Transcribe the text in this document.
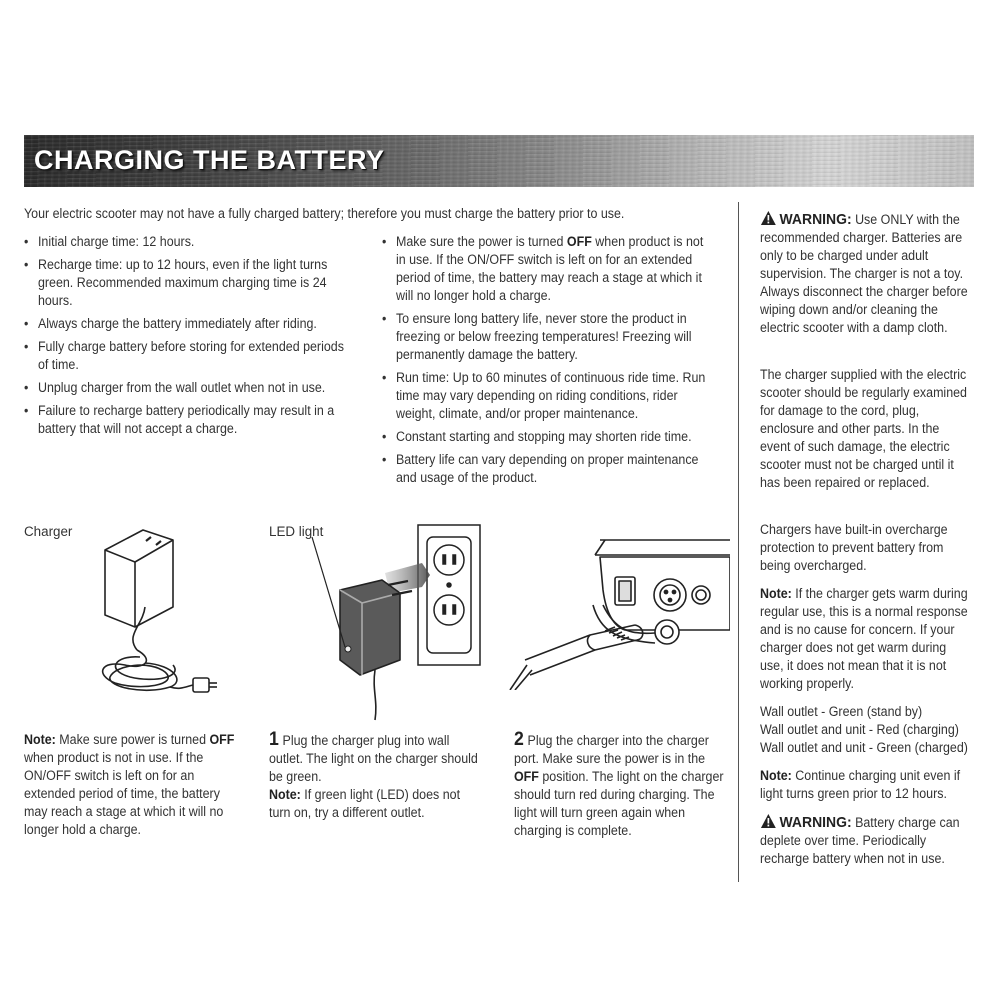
CHARGING THE BATTERY
Your electric scooter may not have a fully charged battery; therefore you must charge the battery prior to use.
• Initial charge time: 12 hours.
• Recharge time: up to 12 hours, even if the light turns green. Recommended maximum charging time is 24 hours.
• Always charge the battery immediately after riding.
• Fully charge battery before storing for extended periods of time.
• Unplug charger from the wall outlet when not in use.
• Failure to recharge battery periodically may result in a battery that will not accept a charge.
• Make sure the power is turned OFF when product is not in use. If the ON/OFF switch is left on for an extended period of time, the battery may reach a stage at which it will no longer hold a charge.
• To ensure long battery life, never store the product in freezing or below freezing temperatures! Freezing will permanently damage the battery.
• Run time: Up to 60 minutes of continuous ride time. Run time may vary depending on riding conditions, rider weight, climate, and/or proper maintenance.
• Constant starting and stopping may shorten ride time.
• Battery life can vary depending on proper maintenance and usage of the product.

WARNING: Use ONLY with the recommended charger. Batteries are only to be charged under adult supervision. The charger is not a toy. Always disconnect the charger before wiping down and/or cleaning the electric scooter with a damp cloth.

The charger supplied with the electric scooter should be regularly examined for damage to the cord, plug, enclosure and other parts. In the event of such damage, the electric scooter must not be charged until it has been repaired or replaced.

Chargers have built-in overcharge protection to prevent battery from being overcharged.

Note: If the charger gets warm during regular use, this is a normal response and is no cause for concern. If your charger does not get warm during use, it does not mean that it is not working properly.

Wall outlet - Green (stand by)

Wall outlet and unit - Red (charging)

Wall outlet and unit - Green (charged)

Note: Continue charging unit even if light turns green prior to 12 hours.

WARNING: Battery charge can deplete over time. Periodically recharge battery when not in use.

Charger	LED light
.
Note: Make sure power is turned OFF when product is not in use. If the ON/OFF switch is left on for an extended period of time, the battery may reach a stage at which it will no longer hold a charge.
1 Plug the charger plug into wall outlet. The light on the charger should be green.
Note: If green light (LED) does not turn on, try a different outlet.
2 Plug the charger into the charger port. Make sure the power is in the OFF position. The light on the charger should turn red during charging. The light will turn green again when charging is complete.
